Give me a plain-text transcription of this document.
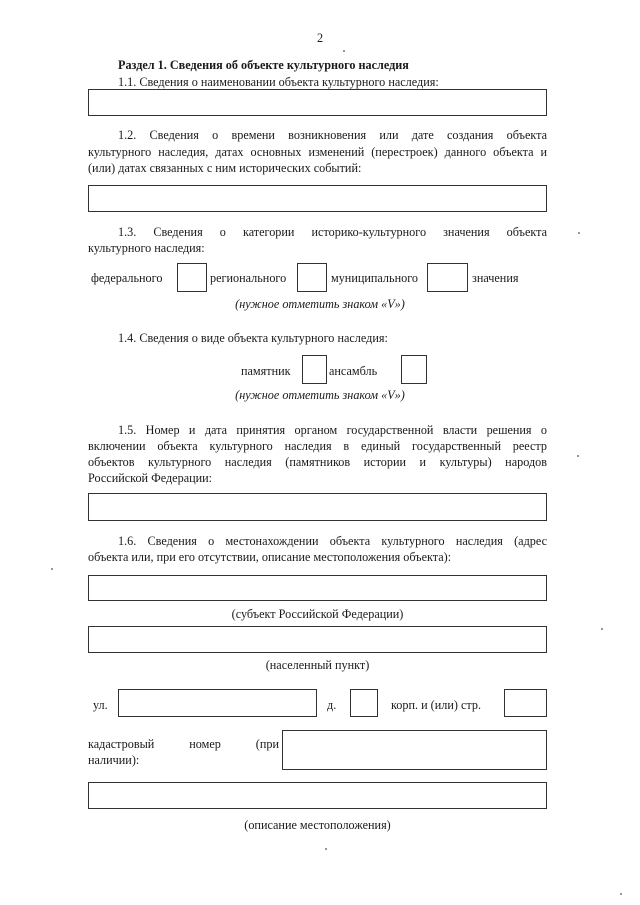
2
Раздел 1. Сведения об объекте культурного наследия
1.1. Сведения о наименовании объекта культурного наследия:
1.2. Сведения о времени возникновения или дате создания объекта
культурного наследия, датах основных изменений (перестроек) данного объекта и
(или) датах связанных с ним исторических событий:
1.3. Сведения о категории историко-культурного значения объекта
культурного наследия:
федерального	регионального	муниципального	значения
(нужное отметить знаком «V»)
1.4. Сведения о виде объекта культурного наследия:
памятник	ансамбль
(нужное отметить знаком «V»)
1.5. Номер и дата принятия органом государственной власти решения о
включении объекта культурного наследия в единый государственный реестр
объектов культурного наследия (памятников истории и культуры) народов
Российской Федерации:
1.6. Сведения о местонахождении объекта культурного наследия (адрес
объекта или, при его отсутствии, описание местоположения объекта):
(субъект Российской Федерации)
(населенный пункт)
ул.	д.	корп. и (или) стр.
кадастровый номер (при
наличии):
(описание местоположения)
